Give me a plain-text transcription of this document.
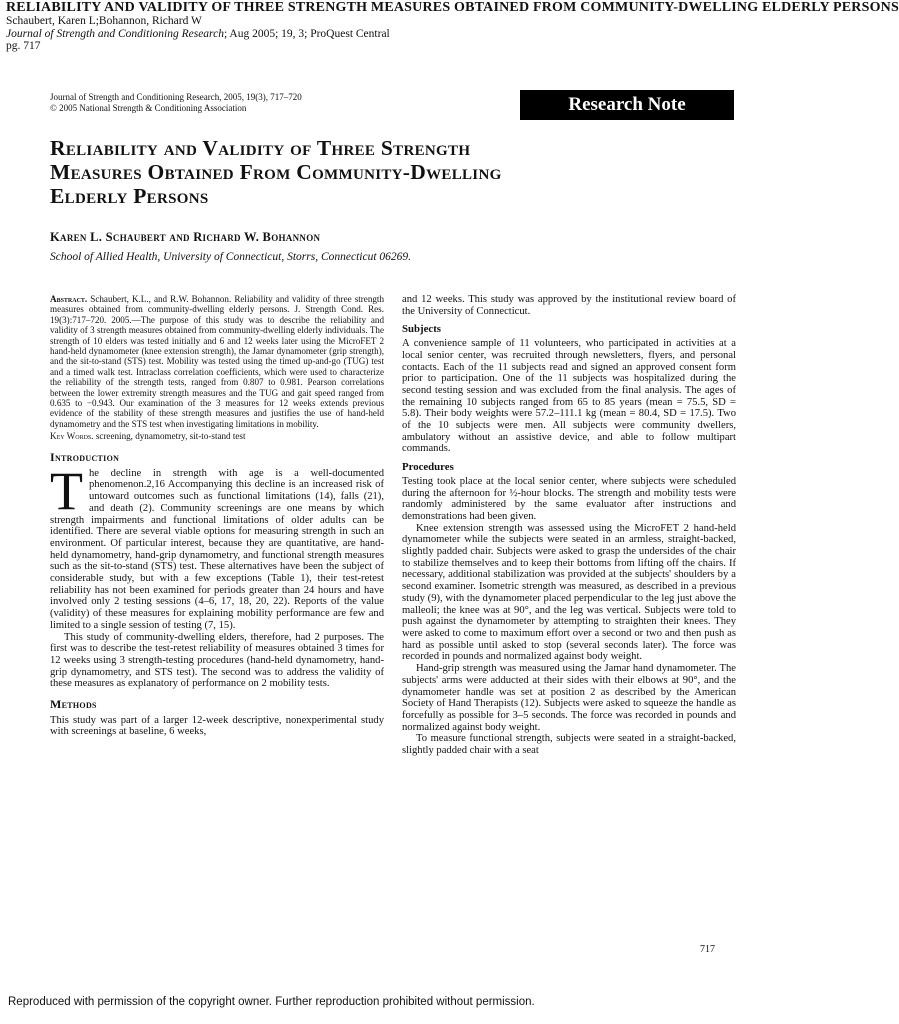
RELIABILITY AND VALIDITY OF THREE STRENGTH MEASURES OBTAINED FROM COMMUNITY-DWELLING ELDERLY PERSONS
Schaubert, Karen L;Bohannon, Richard W
Journal of Strength and Conditioning Research; Aug 2005; 19, 3; ProQuest Central
pg. 717
Journal of Strength and Conditioning Research, 2005, 19(3), 717–720
© 2005 National Strength & Conditioning Association	Research Note
Reliability and Validity of Three Strength
Measures Obtained From Community-Dwelling
Elderly Persons
Karen L. Schaubert and Richard W. Bohannon
School of Allied Health, University of Connecticut, Storrs, Connecticut 06269.
Abstract. Schaubert, K.L., and R.W. Bohannon. Reliability and validity of three strength measures obtained from community-dwelling elderly persons. J. Strength Cond. Res. 19(3):717–720. 2005.—The purpose of this study was to describe the reliability and validity of 3 strength measures obtained from community-dwelling elderly individuals. The strength of 10 elders was tested initially and 6 and 12 weeks later using the MicroFET 2 hand-held dynamometer (knee extension strength), the Jamar dynamometer (grip strength), and the sit-to-stand (STS) test. Mobility was tested using the timed up-and-go (TUG) test and a timed walk test. Intraclass correlation coefficients, which were used to characterize the reliability of the strength tests, ranged from 0.807 to 0.981. Pearson correlations between the lower extremity strength measures and the TUG and gait speed ranged from 0.635 to −0.943. Our examination of the 3 measures for 12 weeks extends previous evidence of the stability of these strength measures and justifies the use of hand-held dynamometry and the STS test when investigating limitations in mobility.
Key Words. screening, dynamometry, sit-to-stand test
Introduction

The decline in strength with age is a well-documented phenomenon.2,16 Accompanying this decline is an increased risk of untoward outcomes such as functional limitations (14), falls (21), and death (2). Community screenings are one means by which strength impairments and functional limitations of older adults can be identified. There are several viable options for measuring strength in such an environment. Of particular interest, because they are quantitative, are hand-held dynamometry, hand-grip dynamometry, and functional strength measures such as the sit-to-stand (STS) test. These alternatives have been the subject of considerable study, but with a few exceptions (Table 1), their test-retest reliability has not been examined for periods greater than 24 hours and have involved only 2 testing sessions (4–6, 17, 18, 20, 22). Reports of the value (validity) of these measures for explaining mobility performance are few and limited to a single session of testing (7, 15).

This study of community-dwelling elders, therefore, had 2 purposes. The first was to describe the test-retest reliability of measures obtained 3 times for 12 weeks using 3 strength-testing procedures (hand-held dynamometry, hand-grip dynamometry, and STS test). The second was to address the validity of these measures as explanatory of performance on 2 mobility tests.

Methods

This study was part of a larger 12-week descriptive, nonexperimental study with screenings at baseline, 6 weeks,

and 12 weeks. This study was approved by the institutional review board of the University of Connecticut.

Subjects

A convenience sample of 11 volunteers, who participated in activities at a local senior center, was recruited through newsletters, flyers, and personal contacts. Each of the 11 subjects read and signed an approved consent form prior to participation. One of the 11 subjects was hospitalized during the second testing session and was excluded from the final analysis. The ages of the remaining 10 subjects ranged from 65 to 85 years (mean = 75.5, SD = 5.8). Their body weights were 57.2–111.1 kg (mean = 80.4, SD = 17.5). Two of the 10 subjects were men. All subjects were community dwellers, ambulatory without an assistive device, and able to follow multipart commands.

Procedures

Testing took place at the local senior center, where subjects were scheduled during the afternoon for ½-hour blocks. The strength and mobility tests were randomly administered by the same evaluator after instructions and demonstrations had been given.

Knee extension strength was assessed using the MicroFET 2 hand-held dynamometer while the subjects were seated in an armless, straight-backed, slightly padded chair. Subjects were asked to grasp the undersides of the chair to stabilize themselves and to keep their bottoms from lifting off the chairs. If necessary, additional stabilization was provided at the subjects' shoulders by a second examiner. Isometric strength was measured, as described in a previous study (9), with the dynamometer placed perpendicular to the leg just above the malleoli; the knee was at 90°, and the leg was vertical. Subjects were told to push against the dynamometer by attempting to straighten their knees. They were asked to come to maximum effort over a second or two and then push as hard as possible until asked to stop (several seconds later). The force was recorded in pounds and normalized against body weight.

Hand-grip strength was measured using the Jamar hand dynamometer. The subjects' arms were adducted at their sides with their elbows at 90°, and the dynamometer handle was set at position 2 as described by the American Society of Hand Therapists (12). Subjects were asked to squeeze the handle as forcefully as possible for 3–5 seconds. The force was recorded in pounds and normalized against body weight.

To measure functional strength, subjects were seated in a straight-backed, slightly padded chair with a seat

717
Reproduced with permission of the copyright owner. Further reproduction prohibited without permission.
